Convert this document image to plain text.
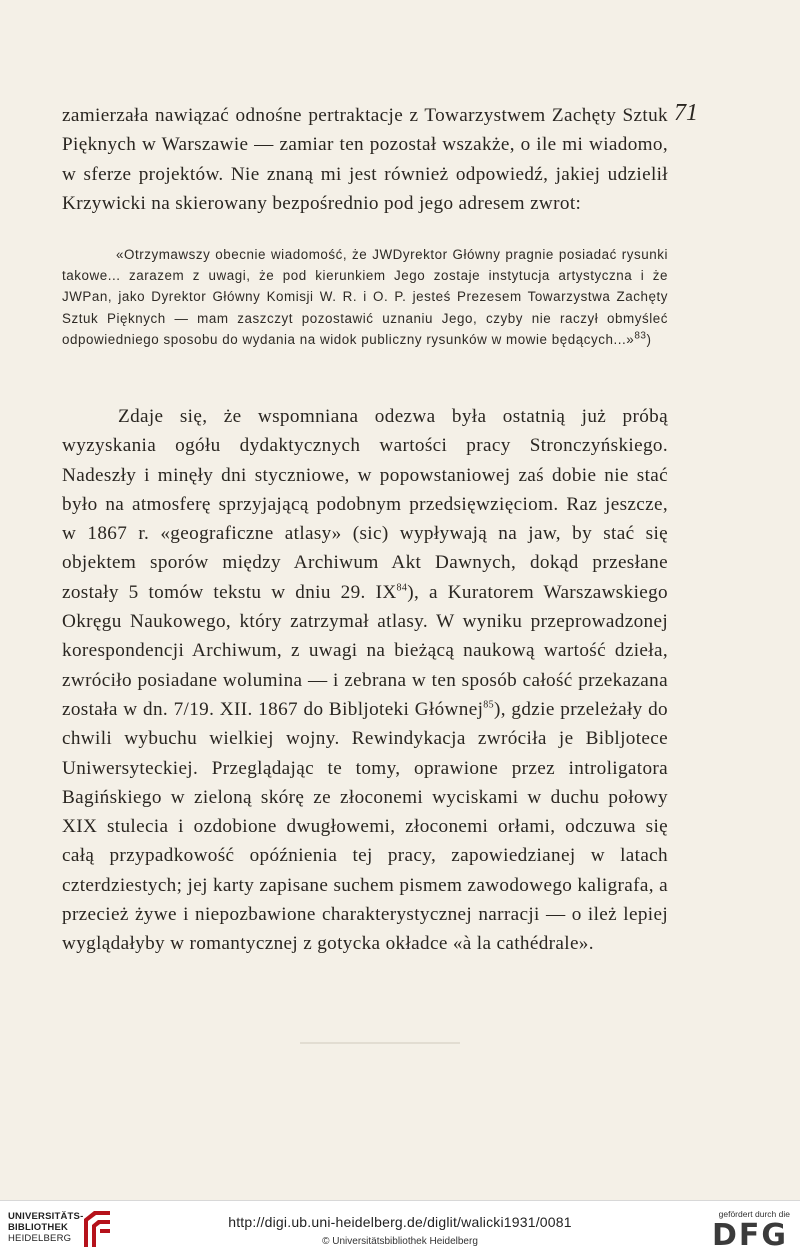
71

zamierzała nawiązać odnośne pertraktacje z Towarzystwem Zachęty Sztuk Pięknych w Warszawie — zamiar ten pozostał wszakże, o ile mi wiadomo, w sferze projektów. Nie znaną mi jest również odpowiedź, jakiej udzielił Krzywicki na skierowany bezpośrednio pod jego adresem zwrot:

«Otrzymawszy obecnie wiadomość, że JWDyrektor Główny pragnie posiadać rysunki takowe... zarazem z uwagi, że pod kierunkiem Jego zostaje instytucja artystyczna i że JWPan, jako Dyrektor Główny Komisji W. R. i O. P. jesteś Prezesem Towarzystwa Zachęty Sztuk Pięknych — mam zaszczyt pozostawić uznaniu Jego, czyby nie raczył obmyśleć odpowiedniego sposobu do wydania na widok publiczny rysunków w mowie będących...»$^{83}$)

Zdaje się, że wspomniana odezwa była ostatnią już próbą wyzyskania ogółu dydaktycznych wartości pracy Stronczyńskiego. Nadeszły i minęły dni styczniowe, w popowstaniowej zaś dobie nie stać było na atmosferę sprzyjającą podobnym przedsięwzięciom. Raz jeszcze, w 1867 r. «geograficzne atlasy» (sic) wypływają na jaw, by stać się objektem sporów między Archiwum Akt Dawnych, dokąd przesłane zostały 5 tomów tekstu w dniu 29. IX$^{84}$), a Kuratorem Warszawskiego Okręgu Naukowego, który zatrzymał atlasy. W wyniku przeprowadzonej korespondencji Archiwum, z uwagi na bieżącą naukową wartość dzieła, zwróciło posiadane wolumina — i zebrana w ten sposób całość przekazana została w dn. 7/19. XII. 1867 do Bibljoteki Głównej$^{85}$), gdzie przeleżały do chwili wybuchu wielkiej wojny. Rewindykacja zwróciła je Bibljotece Uniwersyteckiej. Przeglądając te tomy, oprawione przez introligatora Bagińskiego w zieloną skórę ze złoconemi wyciskami w duchu połowy XIX stulecia i ozdobione dwugłowemi, złoconemi orłami, odczuwa się całą przypadkowość opóźnienia tej pracy, zapowiedzianej w latach czterdziestych; jej karty zapisane suchem pismem zawodowego kaligrafa, a przecież żywe i niepozbawione charakterystycznej narracji — o ileż lepiej wyglądałyby w romantycznej z gotycka okładce «à la cathédrale».

UNIVERSITÄTS-
BIBLIOTHEK
HEIDELBERG
http://digi.ub.uni-heidelberg.de/diglit/walicki1931/0081
© Universitätsbibliothek Heidelberg
gefördert durch die
DFG
